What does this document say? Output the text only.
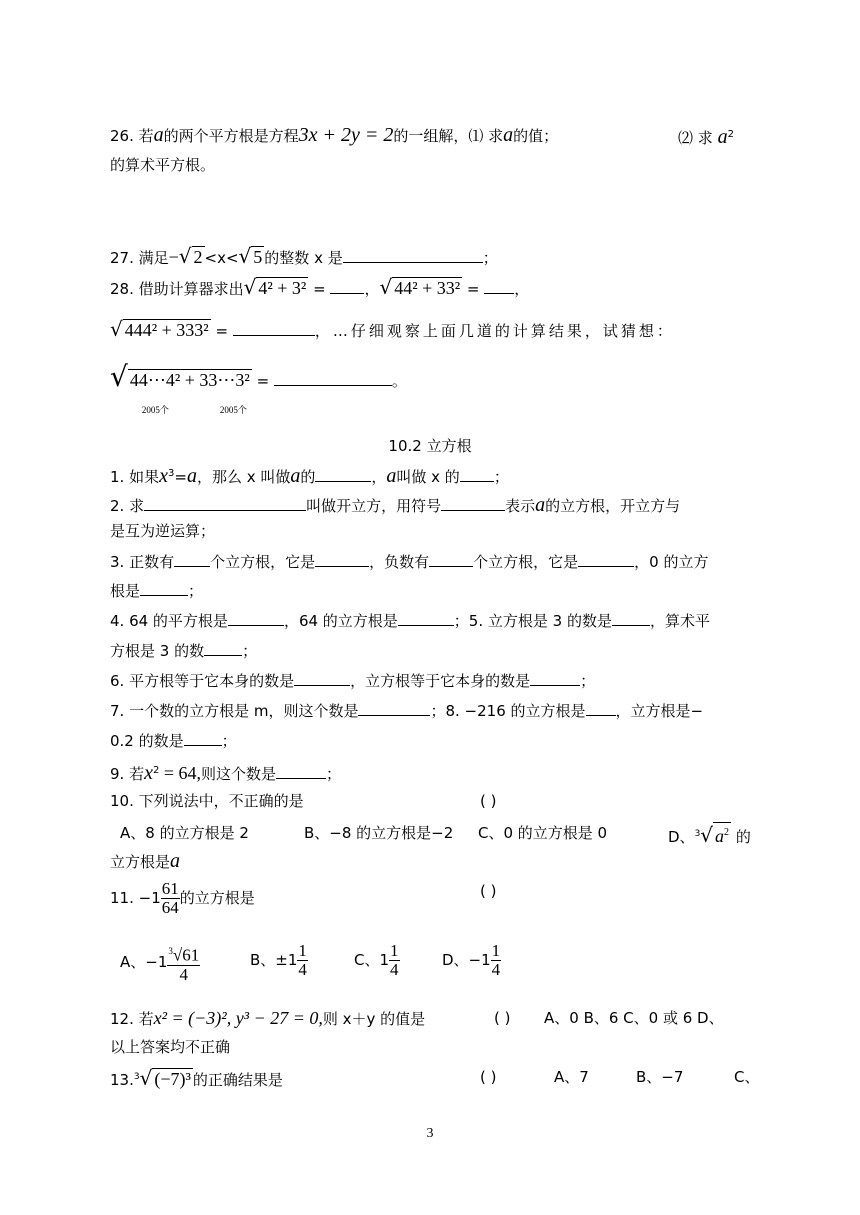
26. 若a的两个平方根是方程3x + 2y = 2的一组解，⑴ 求a的值；	⑵ 求 $a^2$
的算术平方根。
27. 满足−√ 2 <x<√ 5 的整数 x 是	；
28. 借助计算器求出√ 4² + 3² = ，√ 44² + 33² = ，
√ 444² + 333² =	，…仔细观察上面几道的计算结果，试猜想：
√ 44⋯4² + 33⋯3²
2005个	2005个
=	。
10.2 立方根
1. 如果$x^3=a$，那么 x 叫做a的	，a叫做 x 的 ；
2. 求	叫做开立方，用符号	表示a的立方根，开立方与
是互为逆运算；
3. 正数有 个立方根，它是	，负数有	个立方根，它是	，0 的立方
根是	；
4. 64 的平方根是	，64 的立方根是	；5. 立方根是 3 的数是	，算术平
方根是 3 的数	；
6. 平方根等于它本身的数是	，立方根等于它本身的数是	；
7. 一个数的立方根是 m，则这个数是	；8. −216 的立方根是 ，立方根是−
0.2 的数是	；
9. 若$x^2 = 64$,则这个数是	；
10. 下列说法中，不正确的是	( )
A、8 的立方根是 2	B、−8 的立方根是−2 C、0 的立方根是 0	D、$^3$√ $a^2$ 的
立方根是a
11. $-1 \frac{61}{64}$ 的立方根是	( )
A、$-1 \frac{^3√61}{4}$	B、$\pm 1 \frac{1}{4}$	C、$1 \frac{1}{4}$	D、$-1 \frac{1}{4}$
12. 若x² = (−3)², y³ − 27 = 0,则 x＋y 的值是	( ) A、0 B、6 C、0 或 6 D、
以上答案均不正确
13.$^3$√ (−7)³ 的正确结果是	( )	A、7	B、−7	C、
3
